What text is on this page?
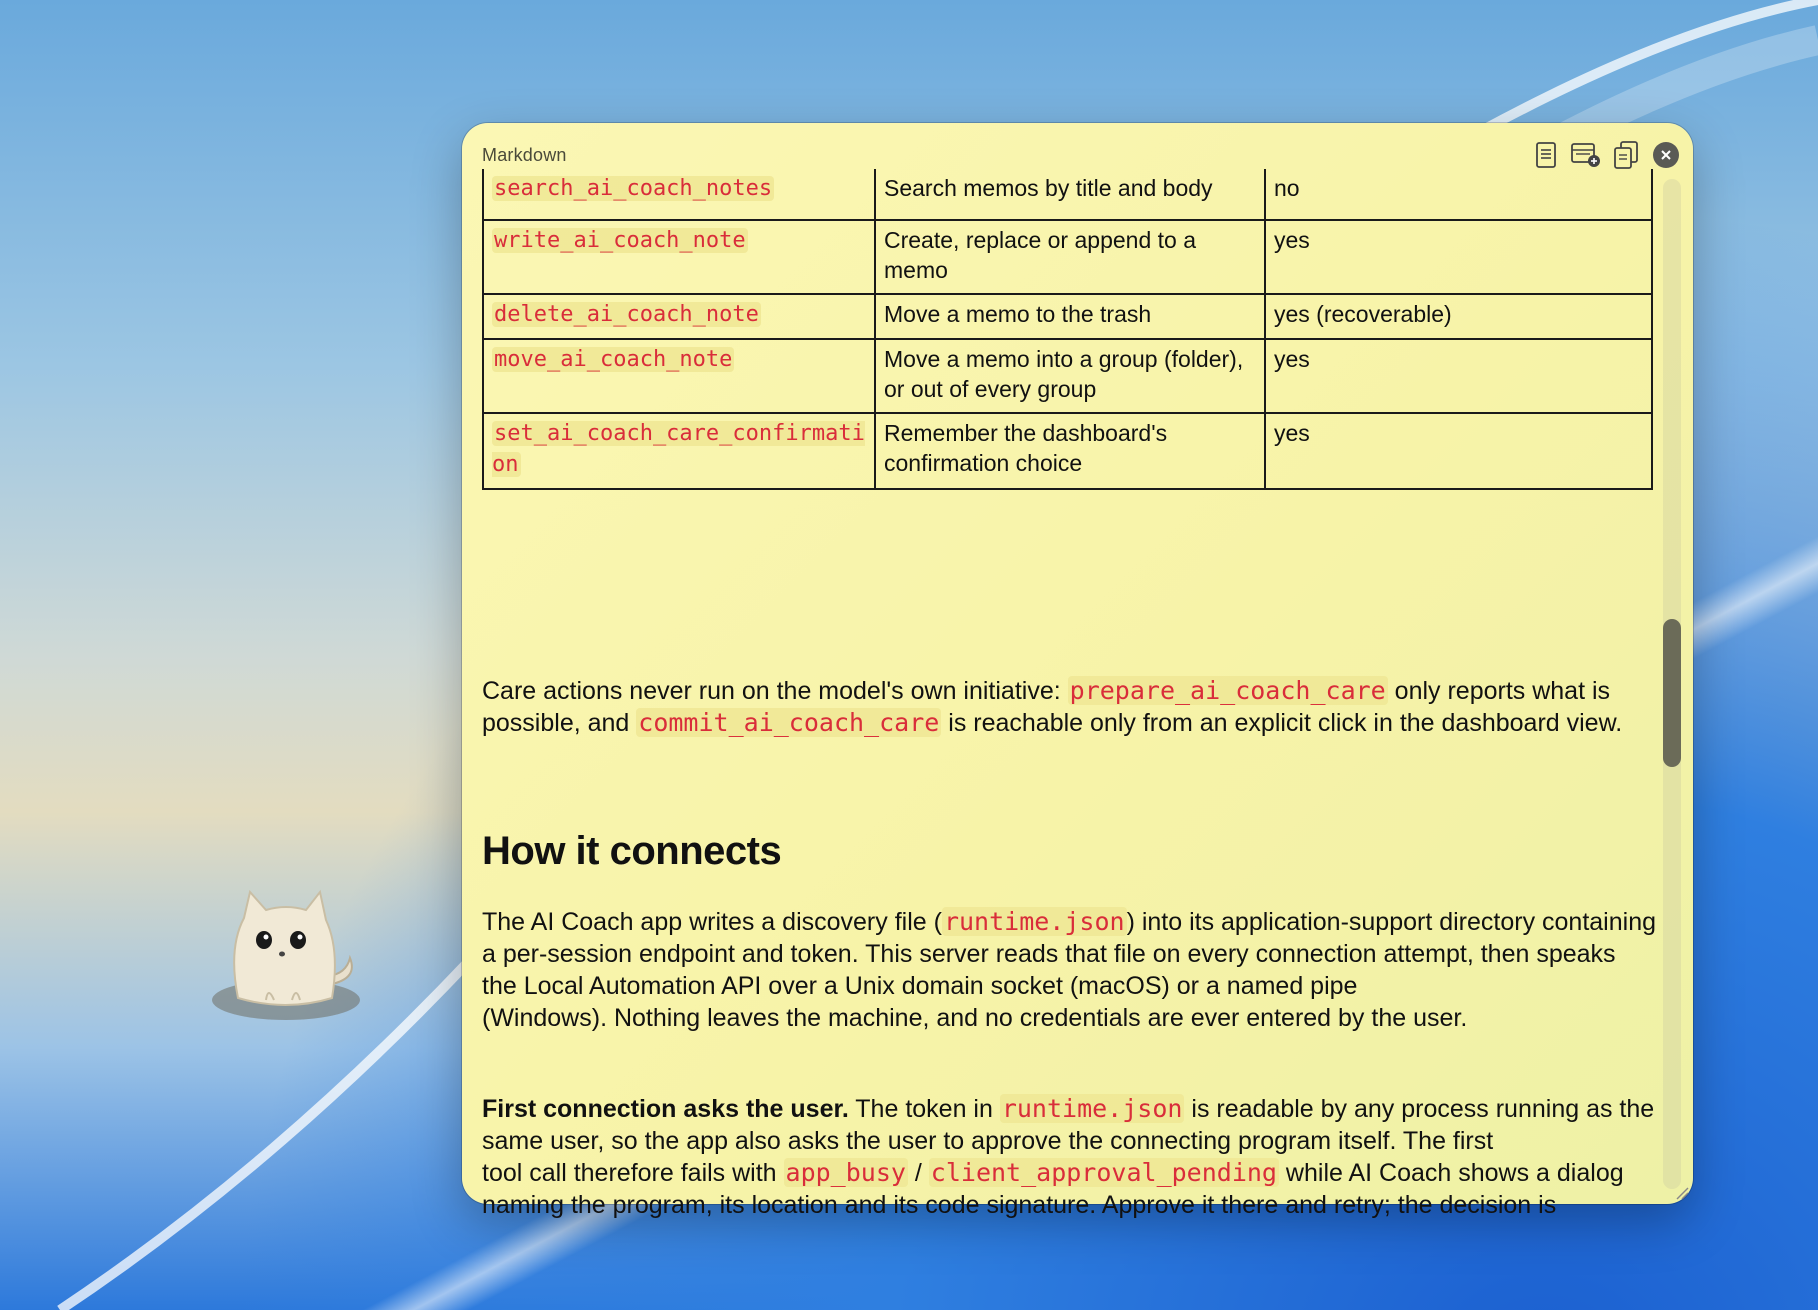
Markdown
search_ai_coach_notes	Search memos by title and body	no
write_ai_coach_note	Create, replace or append to a memo	yes
delete_ai_coach_note	Move a memo to the trash	yes (recoverable)
move_ai_coach_note	Move a memo into a group (folder), or out of every group	yes
set_ai_coach_care_confirmation	Remember the dashboard's confirmation choice	yes

Care actions never run on the model's own initiative: prepare_ai_coach_care only reports what is
possible, and commit_ai_coach_care is reachable only from an explicit click in the dashboard view.

How it connects

The AI Coach app writes a discovery file (runtime.json) into its application-support directory containing a per-session endpoint and token. This server reads that file on every connection attempt, then speaks the Local Automation API over a Unix domain socket (macOS) or a named pipe
(Windows). Nothing leaves the machine, and no credentials are ever entered by the user.

First connection asks the user. The token in runtime.json is readable by any process running as the same user, so the app also asks the user to approve the connecting program itself. The first
tool call therefore fails with app_busy / client_approval_pending while AI Coach shows a dialog
naming the program, its location and its code signature. Approve it there and retry; the decision is
